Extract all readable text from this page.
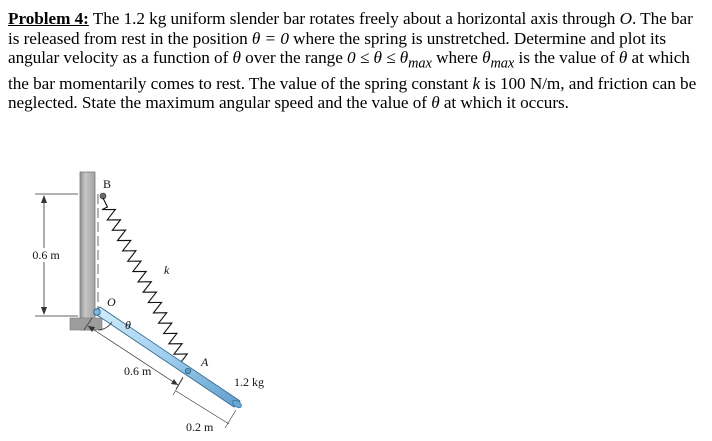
Problem 4: The 1.2 kg uniform slender bar rotates freely about a horizontal axis through O. The bar is released from rest in the position θ = 0 where the spring is unstretched. Determine and plot its angular velocity as a function of θ over the range $0 \le \theta \le \theta_{max}$ where $\theta_{max}$ is the value of θ at which the bar momentarily comes to rest. The value of the spring constant k is 100 N/m, and friction can be neglected. State the maximum angular speed and the value of θ at which it occurs.
0.6 m
B
k
O
θ
A
0.6 m
0.2 m
1.2 kg
